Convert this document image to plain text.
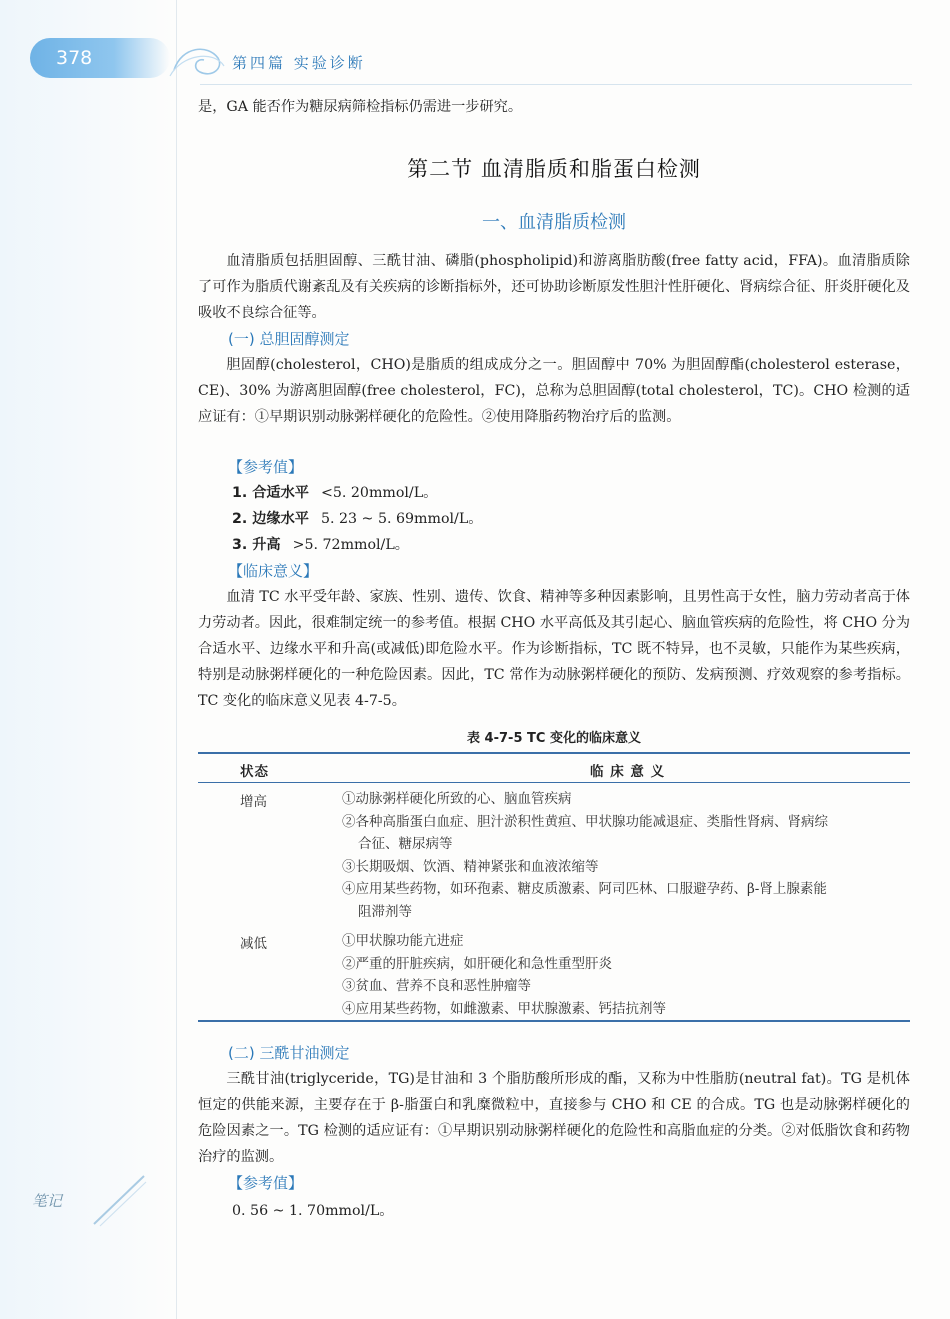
378	第四篇 实验诊断
是，GA 能否作为糖尿病筛检指标仍需进一步研究。
第二节 血清脂质和脂蛋白检测
一、血清脂质检测
血清脂质包括胆固醇、三酰甘油、磷脂(phospholipid)和游离脂肪酸(free fatty acid，FFA)。血清脂质除了可作为脂质代谢紊乱及有关疾病的诊断指标外，还可协助诊断原发性胆汁性肝硬化、肾病综合征、肝炎肝硬化及吸收不良综合征等。
(一) 总胆固醇测定
胆固醇(cholesterol，CHO)是脂质的组成成分之一。胆固醇中 70% 为胆固醇酯(cholesterol esterase，CE)、30% 为游离胆固醇(free cholesterol，FC)，总称为总胆固醇(total cholesterol，TC)。CHO 检测的适应证有：①早期识别动脉粥样硬化的危险性。②使用降脂药物治疗后的监测。
【参考值】
1. 合适水平 <5. 20mmol/L。
2. 边缘水平 5. 23 ~ 5. 69mmol/L。
3. 升高 >5. 72mmol/L。
【临床意义】
血清 TC 水平受年龄、家族、性别、遗传、饮食、精神等多种因素影响，且男性高于女性，脑力劳动者高于体力劳动者。因此，很难制定统一的参考值。根据 CHO 水平高低及其引起心、脑血管疾病的危险性，将 CHO 分为合适水平、边缘水平和升高(或减低)即危险水平。作为诊断指标，TC 既不特异，也不灵敏，只能作为某些疾病，特别是动脉粥样硬化的一种危险因素。因此，TC 常作为动脉粥样硬化的预防、发病预测、疗效观察的参考指标。TC 变化的临床意义见表 4-7-5。
表 4-7-5 TC 变化的临床意义
状态	临 床 意 义
增高	①动脉粥样硬化所致的心、脑血管疾病
②各种高脂蛋白血症、胆汁淤积性黄疸、甲状腺功能减退症、类脂性肾病、肾病综
合征、糖尿病等
③长期吸烟、饮酒、精神紧张和血液浓缩等
④应用某些药物，如环孢素、糖皮质激素、阿司匹林、口服避孕药、β-肾上腺素能
阻滞剂等
减低	①甲状腺功能亢进症
②严重的肝脏疾病，如肝硬化和急性重型肝炎
③贫血、营养不良和恶性肿瘤等
④应用某些药物，如雌激素、甲状腺激素、钙拮抗剂等
(二) 三酰甘油测定
三酰甘油(triglyceride，TG)是甘油和 3 个脂肪酸所形成的酯，又称为中性脂肪(neutral fat)。TG 是机体恒定的供能来源，主要存在于 β-脂蛋白和乳糜微粒中，直接参与 CHO 和 CE 的合成。TG 也是动脉粥样硬化的危险因素之一。TG 检测的适应证有：①早期识别动脉粥样硬化的危险性和高脂血症的分类。②对低脂饮食和药物治疗的监测。
【参考值】
0. 56 ~ 1. 70mmol/L。
笔记
